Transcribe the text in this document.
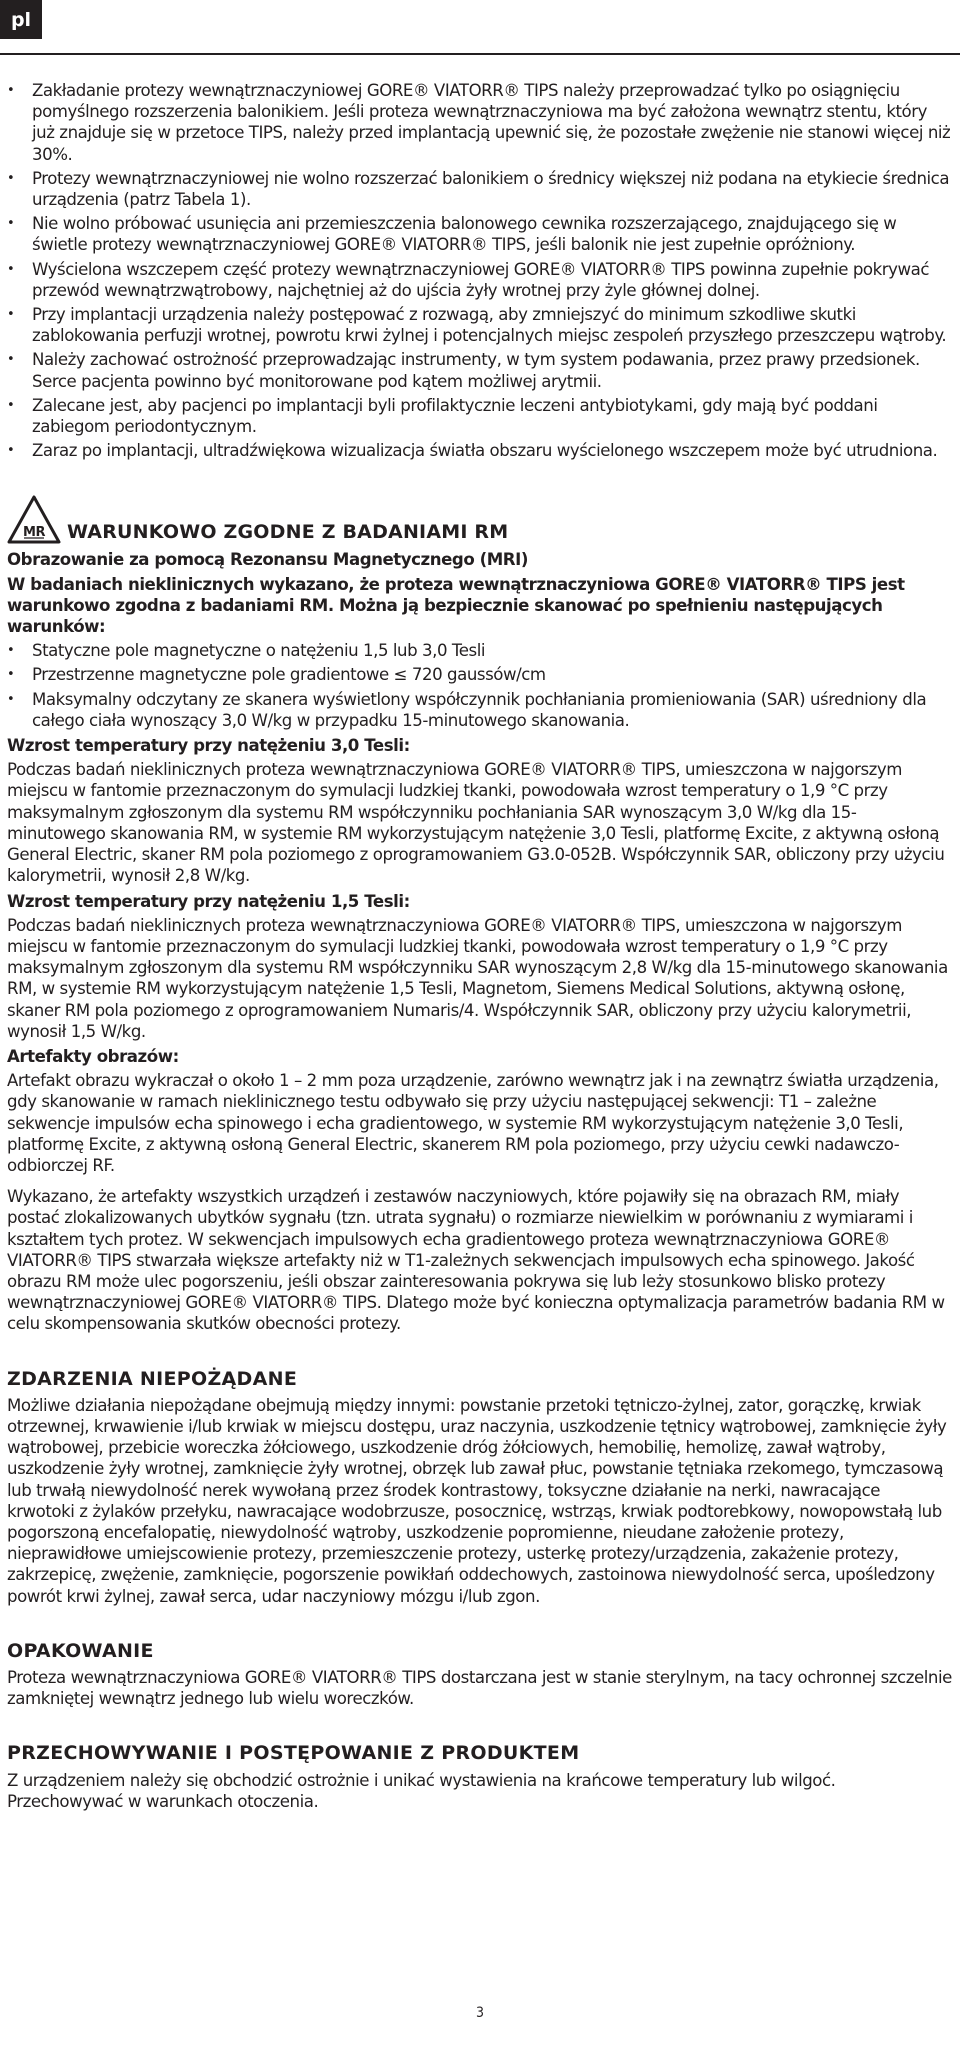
pl
• Zakładanie protezy wewnątrznaczyniowej GORE® VIATORR® TIPS należy przeprowadzać tylko po osiągnięciu pomyślnego rozszerzenia balonikiem. Jeśli proteza wewnątrznaczyniowa ma być założona wewnątrz stentu, który już znajduje się w przetoce TIPS, należy przed implantacją upewnić się, że pozostałe zwężenie nie stanowi więcej niż 30%.
• Protezy wewnątrznaczyniowej nie wolno rozszerzać balonikiem o średnicy większej niż podana na etykiecie średnica urządzenia (patrz Tabela 1).
• Nie wolno próbować usunięcia ani przemieszczenia balonowego cewnika rozszerzającego, znajdującego się w świetle protezy wewnątrznaczyniowej GORE® VIATORR® TIPS, jeśli balonik nie jest zupełnie opróżniony.
• Wyścielona wszczepem część protezy wewnątrznaczyniowej GORE® VIATORR® TIPS powinna zupełnie pokrywać przewód wewnątrzwątrobowy, najchętniej aż do ujścia żyły wrotnej przy żyle głównej dolnej.
• Przy implantacji urządzenia należy postępować z rozwagą, aby zmniejszyć do minimum szkodliwe skutki zablokowania perfuzji wrotnej, powrotu krwi żylnej i potencjalnych miejsc zespoleń przyszłego przeszczepu wątroby.
• Należy zachować ostrożność przeprowadzając instrumenty, w tym system podawania, przez prawy przedsionek. Serce pacjenta powinno być monitorowane pod kątem możliwej arytmii.
• Zalecane jest, aby pacjenci po implantacji byli profilaktycznie leczeni antybiotykami, gdy mają być poddani zabiegom periodontycznym.
• Zaraz po implantacji, ultradźwiękowa wizualizacja światła obszaru wyścielonego wszczepem może być utrudniona.
MR WARUNKOWO ZGODNE Z BADANIAMI RM
Obrazowanie za pomocą Rezonansu Magnetycznego (MRI)
W badaniach nieklinicznych wykazano, że proteza wewnątrznaczyniowa GORE® VIATORR® TIPS jest warunkowo zgodna z badaniami RM. Można ją bezpiecznie skanować po spełnieniu następujących warunków:
• Statyczne pole magnetyczne o natężeniu 1,5 lub 3,0 Tesli
• Przestrzenne magnetyczne pole gradientowe ≤ 720 gaussów/cm
• Maksymalny odczytany ze skanera wyświetlony współczynnik pochłaniania promieniowania (SAR) uśredniony dla całego ciała wynoszący 3,0 W/kg w przypadku 15-minutowego skanowania.
Wzrost temperatury przy natężeniu 3,0 Tesli:

Podczas badań nieklinicznych proteza wewnątrznaczyniowa GORE® VIATORR® TIPS, umieszczona w najgorszym miejscu w fantomie przeznaczonym do symulacji ludzkiej tkanki, powodowała wzrost temperatury o 1,9 °C przy maksymalnym zgłoszonym dla systemu RM współczynniku pochłaniania SAR wynoszącym 3,0 W/kg dla 15-minutowego skanowania RM, w systemie RM wykorzystującym natężenie 3,0 Tesli, platformę Excite, z aktywną osłoną General Electric, skaner RM pola poziomego z oprogramowaniem G3.0-052B. Współczynnik SAR, obliczony przy użyciu kalorymetrii, wynosił 2,8 W/kg.

Wzrost temperatury przy natężeniu 1,5 Tesli:

Podczas badań nieklinicznych proteza wewnątrznaczyniowa GORE® VIATORR® TIPS, umieszczona w najgorszym miejscu w fantomie przeznaczonym do symulacji ludzkiej tkanki, powodowała wzrost temperatury o 1,9 °C przy maksymalnym zgłoszonym dla systemu RM współczynniku SAR wynoszącym 2,8 W/kg dla 15-minutowego skanowania RM, w systemie RM wykorzystującym natężenie 1,5 Tesli, Magnetom, Siemens Medical Solutions, aktywną osłonę, skaner RM pola poziomego z oprogramowaniem Numaris/4. Współczynnik SAR, obliczony przy użyciu kalorymetrii, wynosił 1,5 W/kg.

Artefakty obrazów:

Artefakt obrazu wykraczał o około 1 – 2 mm poza urządzenie, zarówno wewnątrz jak i na zewnątrz światła urządzenia, gdy skanowanie w ramach nieklinicznego testu odbywało się przy użyciu następującej sekwencji: T1 – zależne sekwencje impulsów echa spinowego i echa gradientowego, w systemie RM wykorzystującym natężenie 3,0 Tesli, platformę Excite, z aktywną osłoną General Electric, skanerem RM pola poziomego, przy użyciu cewki nadawczo-odbiorczej RF.

Wykazano, że artefakty wszystkich urządzeń i zestawów naczyniowych, które pojawiły się na obrazach RM, miały postać zlokalizowanych ubytków sygnału (tzn. utrata sygnału) o rozmiarze niewielkim w porównaniu z wymiarami i kształtem tych protez. W sekwencjach impulsowych echa gradientowego proteza wewnątrznaczyniowa GORE® VIATORR® TIPS stwarzała większe artefakty niż w T1-zależnych sekwencjach impulsowych echa spinowego. Jakość obrazu RM może ulec pogorszeniu, jeśli obszar zainteresowania pokrywa się lub leży stosunkowo blisko protezy wewnątrznaczyniowej GORE® VIATORR® TIPS. Dlatego może być konieczna optymalizacja parametrów badania RM w celu skompensowania skutków obecności protezy.

ZDARZENIA NIEPOŻĄDANE

Możliwe działania niepożądane obejmują między innymi: powstanie przetoki tętniczo-żylnej, zator, gorączkę, krwiak otrzewnej, krwawienie i/lub krwiak w miejscu dostępu, uraz naczynia, uszkodzenie tętnicy wątrobowej, zamknięcie żyły wątrobowej, przebicie woreczka żółciowego, uszkodzenie dróg żółciowych, hemobilię, hemolizę, zawał wątroby, uszkodzenie żyły wrotnej, zamknięcie żyły wrotnej, obrzęk lub zawał płuc, powstanie tętniaka rzekomego, tymczasową lub trwałą niewydolność nerek wywołaną przez środek kontrastowy, toksyczne działanie na nerki, nawracające krwotoki z żylaków przełyku, nawracające wodobrzusze, posocznicę, wstrząs, krwiak podtorebkowy, nowopowstałą lub pogorszoną encefalopatię, niewydolność wątroby, uszkodzenie popromienne, nieudane założenie protezy, nieprawidłowe umiejscowienie protezy, przemieszczenie protezy, usterkę protezy/urządzenia, zakażenie protezy, zakrzepicę, zwężenie, zamknięcie, pogorszenie powikłań oddechowych, zastoinowa niewydolność serca, upośledzony powrót krwi żylnej, zawał serca, udar naczyniowy mózgu i/lub zgon.

OPAKOWANIE

Proteza wewnątrznaczyniowa GORE® VIATORR® TIPS dostarczana jest w stanie sterylnym, na tacy ochronnej szczelnie zamkniętej wewnątrz jednego lub wielu woreczków.

PRZECHOWYWANIE I POSTĘPOWANIE Z PRODUKTEM

Z urządzeniem należy się obchodzić ostrożnie i unikać wystawienia na krańcowe temperatury lub wilgoć. Przechowywać w warunkach otoczenia.

3
